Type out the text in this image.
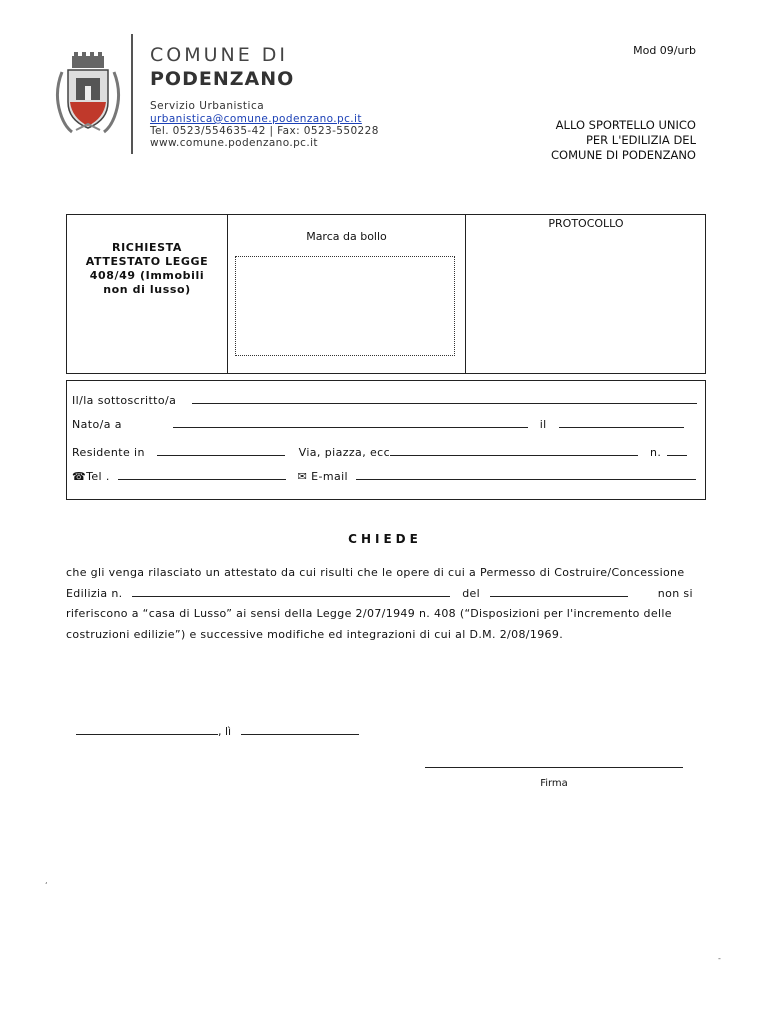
COMUNE DI
PODENZANO
Servizio Urbanistica
urbanistica@comune.podenzano.pc.it
Tel. 0523/554635-42 | Fax: 0523-550228
www.comune.podenzano.pc.it
Mod 09/urb
ALLO SPORTELLO UNICO
PER L'EDILIZIA DEL
COMUNE DI PODENZANO
RICHIESTA
ATTESTATO LEGGE
408/49 (Immobili
non di lusso)
Marca da bollo
PROTOCOLLO
Il/la sottoscritto/a
Nato/a a	il
Residente in	Via, piazza, ecc	n.
☎Tel .	✉ E-mail
CHIEDE
che gli venga rilasciato un attestato da cui risulti che le opere di cui a Permesso di Costruire/Concessione
Edilizia n.	del	non si
riferiscono a “casa di Lusso” ai sensi della Legge 2/07/1949 n. 408 (“Disposizioni per l'incremento delle
costruzioni edilizie”) e successive modifiche ed integrazioni di cui al D.M. 2/08/1969.
, lì
Firma
‘
-
